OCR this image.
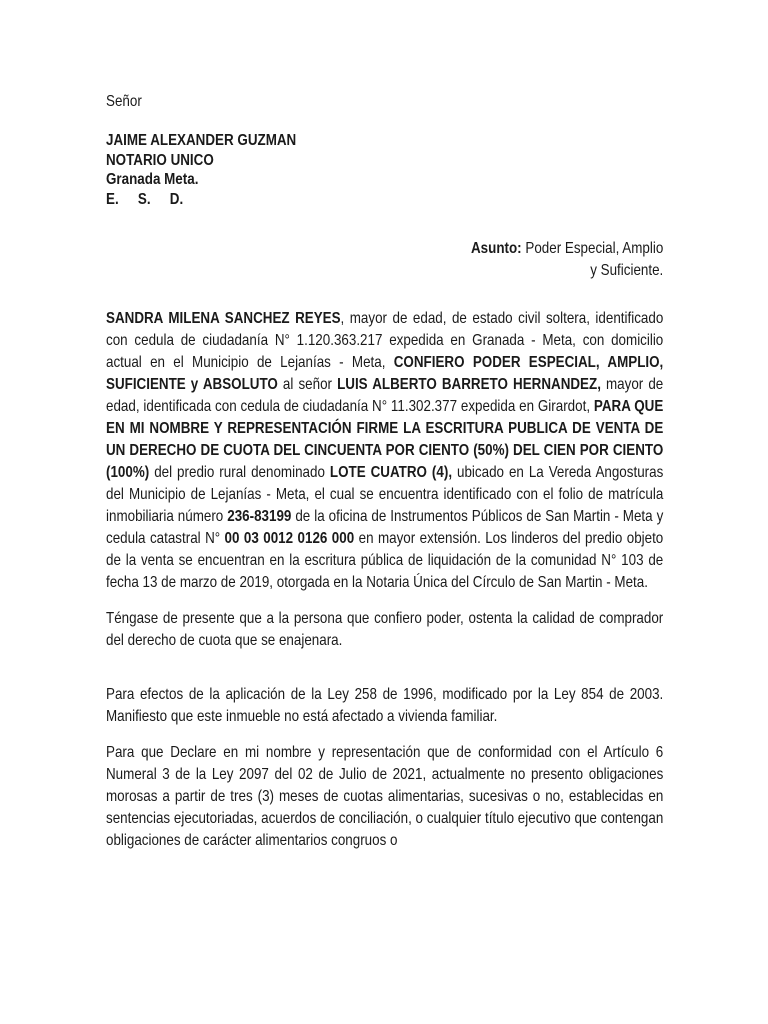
Señor

JAIME ALEXANDER GUZMAN

NOTARIO UNICO

Granada Meta.

E. S. D.

Asunto: Poder Especial, Amplio
y Suficiente.

SANDRA MILENA SANCHEZ REYES, mayor de edad, de estado civil soltera, identificado con cedula de ciudadanía N° 1.120.363.217 expedida en Granada - Meta, con domicilio actual en el Municipio de Lejanías - Meta, CONFIERO PODER ESPECIAL, AMPLIO, SUFICIENTE y ABSOLUTO al señor LUIS ALBERTO BARRETO HERNANDEZ, mayor de edad, identificada con cedula de ciudadanía N° 11.302.377 expedida en Girardot, PARA QUE EN MI NOMBRE Y REPRESENTACIÓN FIRME LA ESCRITURA PUBLICA DE VENTA DE UN DERECHO DE CUOTA DEL CINCUENTA POR CIENTO (50%) DEL CIEN POR CIENTO (100%) del predio rural denominado LOTE CUATRO (4), ubicado en La Vereda Angosturas del Municipio de Lejanías - Meta, el cual se encuentra identificado con el folio de matrícula inmobiliaria número 236-83199 de la oficina de Instrumentos Públicos de San Martin - Meta y cedula catastral N° 00 03 0012 0126 000 en mayor extensión. Los linderos del predio objeto de la venta se encuentran en la escritura pública de liquidación de la comunidad N° 103 de fecha 13 de marzo de 2019, otorgada en la Notaria Única del Círculo de San Martin - Meta.

Téngase de presente que a la persona que confiero poder, ostenta la calidad de comprador del derecho de cuota que se enajenara.

Para efectos de la aplicación de la Ley 258 de 1996, modificado por la Ley 854 de 2003. Manifiesto que este inmueble no está afectado a vivienda familiar.

Para que Declare en mi nombre y representación que de conformidad con el Artículo 6 Numeral 3 de la Ley 2097 del 02 de Julio de 2021, actualmente no presento obligaciones morosas a partir de tres (3) meses de cuotas alimentarias, sucesivas o no, establecidas en sentencias ejecutoriadas, acuerdos de conciliación, o cualquier título ejecutivo que contengan obligaciones de carácter alimentarios congruos o
